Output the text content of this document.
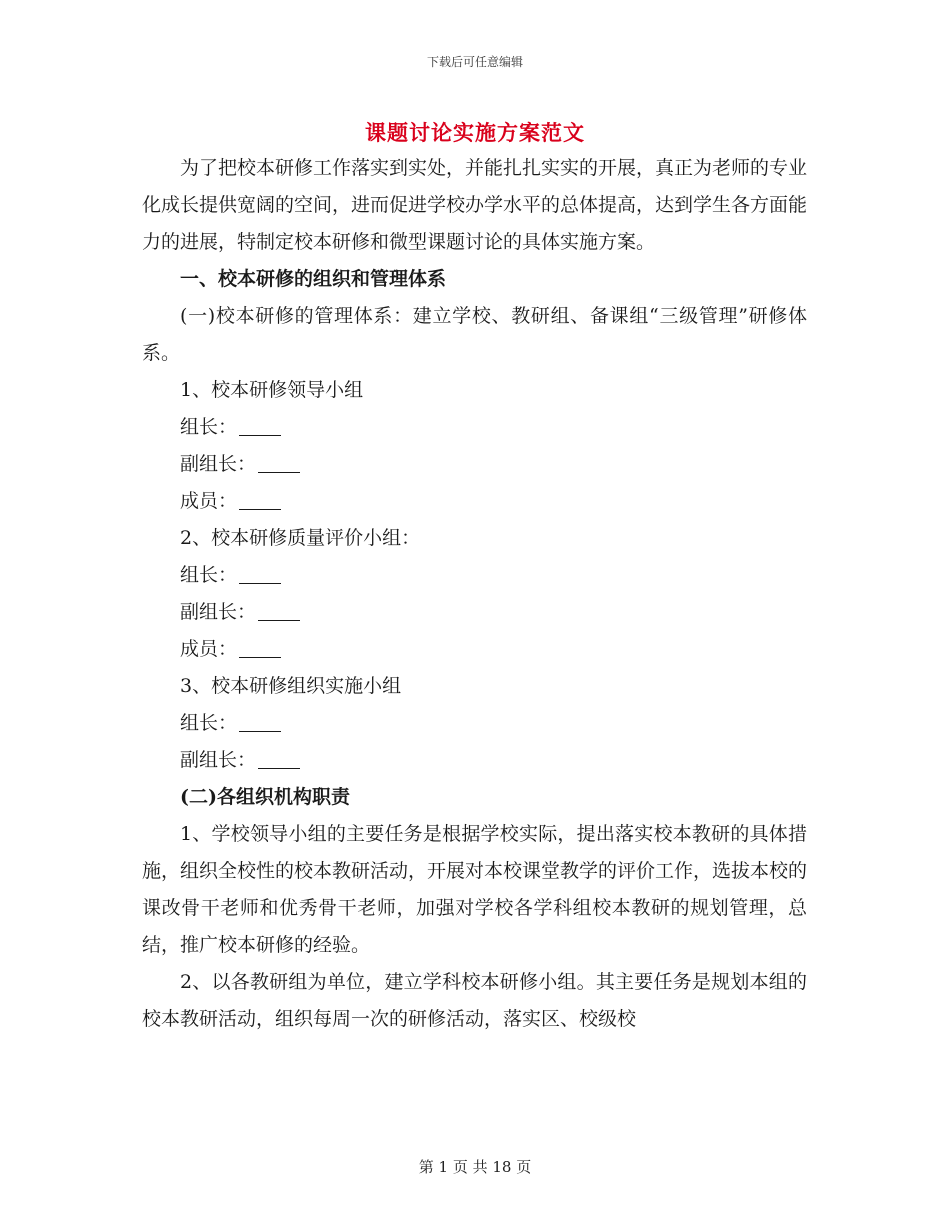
下载后可任意编辑
课题讨论实施方案范文

为了把校本研修工作落实到实处，并能扎扎实实的开展，真正为老师的专业化成长提供宽阔的空间，进而促进学校办学水平的总体提高，达到学生各方面能力的进展，特制定校本研修和微型课题讨论的具体实施方案。

一、校本研修的组织和管理体系

(一)校本研修的管理体系：建立学校、教研组、备课组“三级管理”研修体系。

1、校本研修领导小组

组长：

副组长：

成员：

2、校本研修质量评价小组：

组长：

副组长：

成员：

3、校本研修组织实施小组

组长：

副组长：

(二)各组织机构职责

1、学校领导小组的主要任务是根据学校实际，提出落实校本教研的具体措施，组织全校性的校本教研活动，开展对本校课堂教学的评价工作，选拔本校的课改骨干老师和优秀骨干老师，加强对学校各学科组校本教研的规划管理，总结，推广校本研修的经验。

2、以各教研组为单位，建立学科校本研修小组。其主要任务是规划本组的校本教研活动，组织每周一次的研修活动，落实区、校级校

第 1 页 共 18 页
